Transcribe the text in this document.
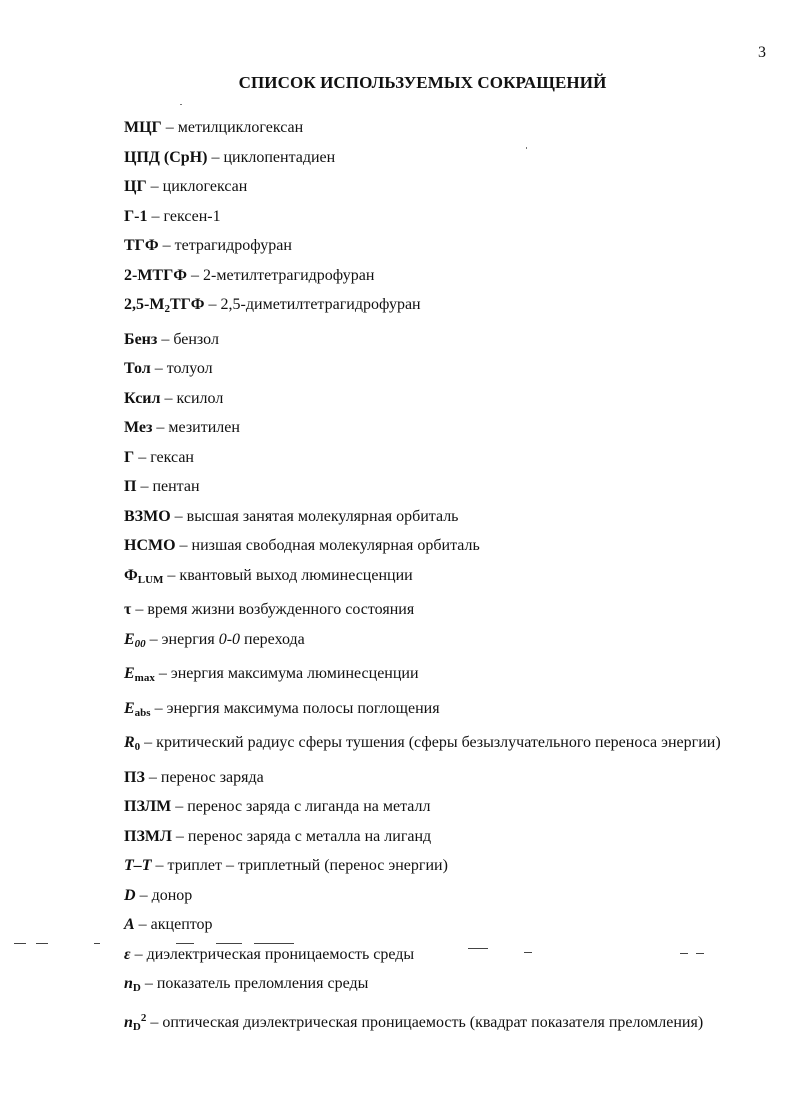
3
СПИСОК ИСПОЛЬЗУЕМЫХ СОКРАЩЕНИЙ
МЦГ – метилциклогексан
ЦПД (CpH) – циклопентадиен
ЦГ – циклогексан
Г-1 – гексен-1
ТГФ – тетрагидрофуран
2-МТГФ – 2-метилтетрагидрофуран
$2,5-M_2ТГФ$ – 2,5-диметилтетрагидрофуран
Бенз – бензол
Тол – толуол
Ксил – ксилол
Мез – мезитилен
Г – гексан
П – пентан
ВЗМО – высшая занятая молекулярная орбиталь
НСМО – низшая свободная молекулярная орбиталь
$Ф_{LUM}$ – квантовый выход люминесценции
τ – время жизни возбужденного состояния
$E_{00}$ – энергия 0-0 перехода
$E_{max}$ – энергия максимума люминесценции
$E_{abs}$ – энергия максимума полосы поглощения
$R_0$ – критический радиус сферы тушения (сферы безызлучательного переноса энергии)
ПЗ – перенос заряда
ПЗЛМ – перенос заряда с лиганда на металл
ПЗМЛ – перенос заряда с металла на лиганд
T–T – триплет – триплетный (перенос энергии)
D – донор
A – акцептор
ε – диэлектрическая проницаемость среды
$n_D$ – показатель преломления среды
$n_D^2$ – оптическая диэлектрическая проницаемость (квадрат показателя преломления)
